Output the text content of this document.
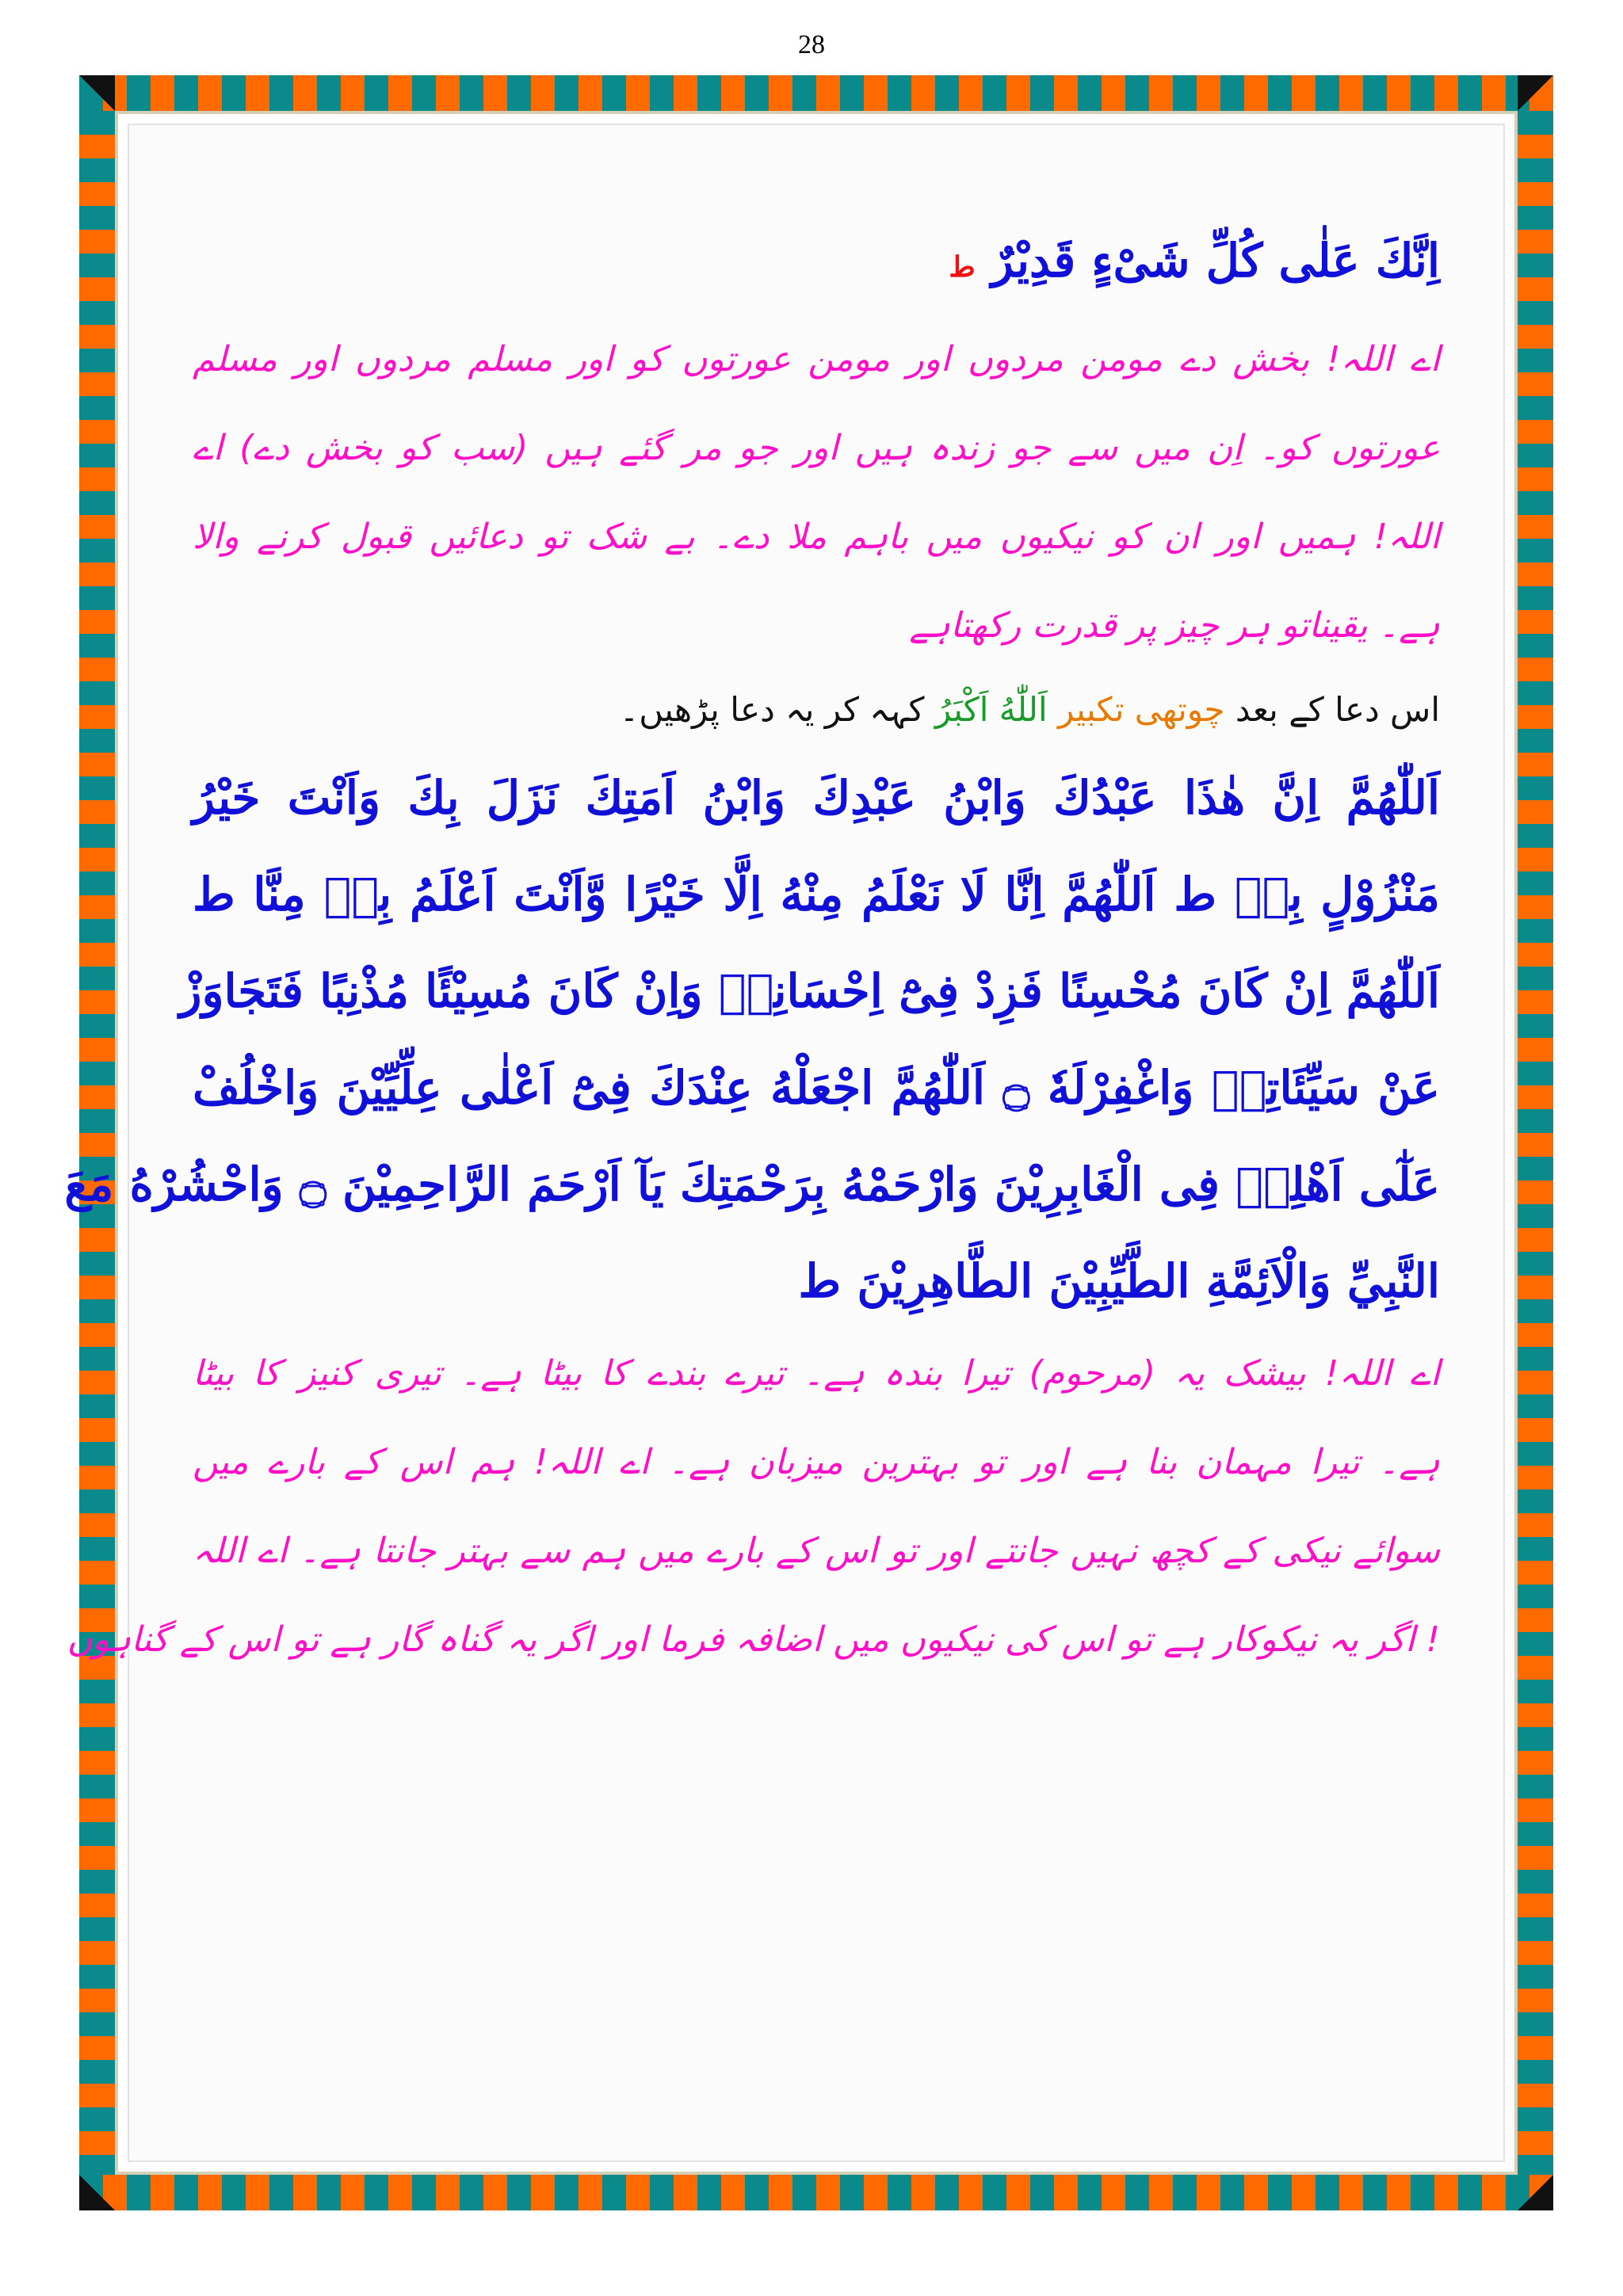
28
اِنَّكَ عَلٰى كُلِّ شَىْءٍ قَدِيْرٌ ط
اے اللہ! بخش دے مومن مردوں اور مومن عورتوں کو اور مسلم مردوں اور مسلم
عورتوں کو۔ اِن میں سے جو زندہ ہیں اور جو مر گئے ہیں (سب کو بخش دے) اے
اللہ! ہمیں اور ان کو نیکیوں میں باہم ملا دے۔ بے شک تو دعائیں قبول کرنے والا
ہے۔ یقیناتو ہر چیز پر قدرت رکھتاہے
اس دعا کے بعد چوتھی تکبیر اَللّٰهُ اَكْبَرُ کہہ کر یہ دعا پڑھیں۔
اَللّٰهُمَّ اِنَّ هٰذَا عَبْدُكَ وَابْنُ عَبْدِكَ وَابْنُ اَمَتِكَ نَزَلَ بِكَ وَاَنْتَ خَيْرُ
مَنْزُوْلٍ بِهٖ ط اَللّٰهُمَّ اِنَّا لَا نَعْلَمُ مِنْهُ اِلَّا خَيْرًا وَّاَنْتَ اَعْلَمُ بِهٖ مِنَّا ط
اَللّٰهُمَّ اِنْ كَانَ مُحْسِنًا فَزِدْ فِىْٓ اِحْسَانِهٖ وَاِنْ كَانَ مُسِيْئًا مُذْنِبًا فَتَجَاوَزْ
عَنْ سَيِّئَاتِهٖ وَاغْفِرْلَهٗ ۝ اَللّٰهُمَّ اجْعَلْهُ عِنْدَكَ فِىْٓ اَعْلٰى عِلِّيِّيْنَ وَاخْلُفْ
عَلٰٓى اَهْلِهٖ فِى الْغَابِرِيْنَ وَارْحَمْهُ بِرَحْمَتِكَ يَآ اَرْحَمَ الرَّاحِمِيْنَ ۝ وَاحْشُرْهُ مَعَ
النَّبِيِّ وَالْاَئِمَّةِ الطَّيِّبِيْنَ الطَّاهِرِيْنَ ط
اے اللہ! بیشک یہ (مرحوم) تیرا بندہ ہے۔ تیرے بندے کا بیٹا ہے۔ تیری کنیز کا بیٹا
ہے۔ تیرا مہمان بنا ہے اور تو بہترین میزبان ہے۔ اے اللہ! ہم اس کے بارے میں
سوائے نیکی کے کچھ نہیں جانتے اور تو اس کے بارے میں ہم سے بہتر جانتا ہے۔ اے اللہ
! اگر یہ نیکوکار ہے تو اس کی نیکیوں میں اضافہ فرما اور اگر یہ گناہ گار ہے تو اس کے گناہوں
